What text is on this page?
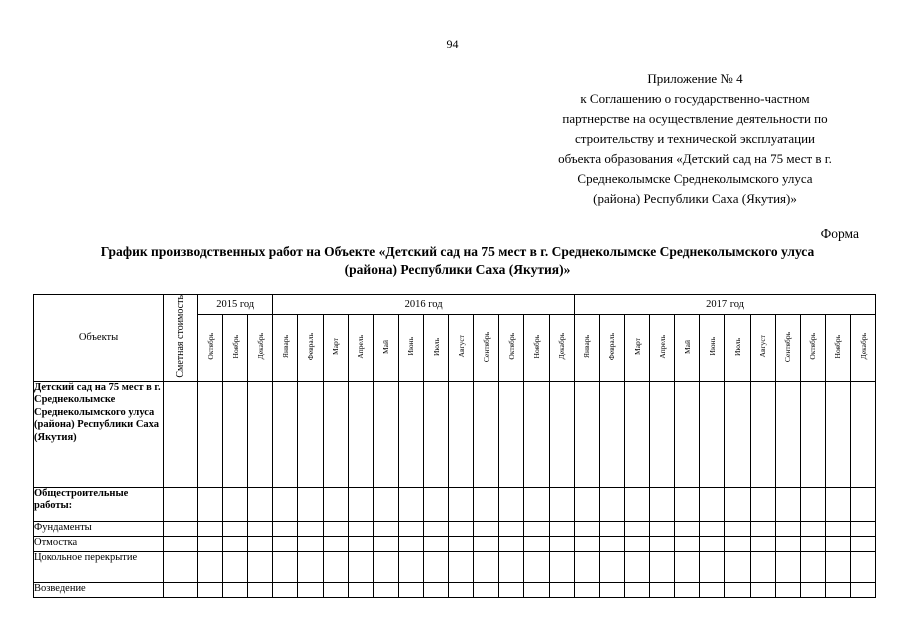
94
Приложение № 4
к Соглашению о государственно-частном
партнерстве на осуществление деятельности по
строительству и технической эксплуатации
объекта образования «Детский сад на 75 мест в г.
Среднеколымске Среднеколымского улуса
(района) Республики Саха (Якутия)»
Форма
График производственных работ на Объекте «Детский сад на 75 мест в г. Среднеколымске Среднеколымского улуса
(района) Республики Саха (Якутия)»
Объекты	Сметная стоимость	2015 год			2016 год												2017 год											
		Октябрь	Ноябрь	Декабрь	Январь	Февраль	Март	Апрель	Май	Июнь	Июль	Август	Сентябрь	Октябрь	Ноябрь	Декабрь	Январь	Февраль	Март	Апрель	Май	Июнь	Июль	Август	Сентябрь	Октябрь	Ноябрь	Декабрь
Детский сад на 75 мест в г. Среднеколымске Среднеколымского улуса (района) Республики Саха (Якутия)																												
Общестроительные работы:																												
Фундаменты																												
Отмостка																												
Цокольное перекрытие																												
Возведение																												
